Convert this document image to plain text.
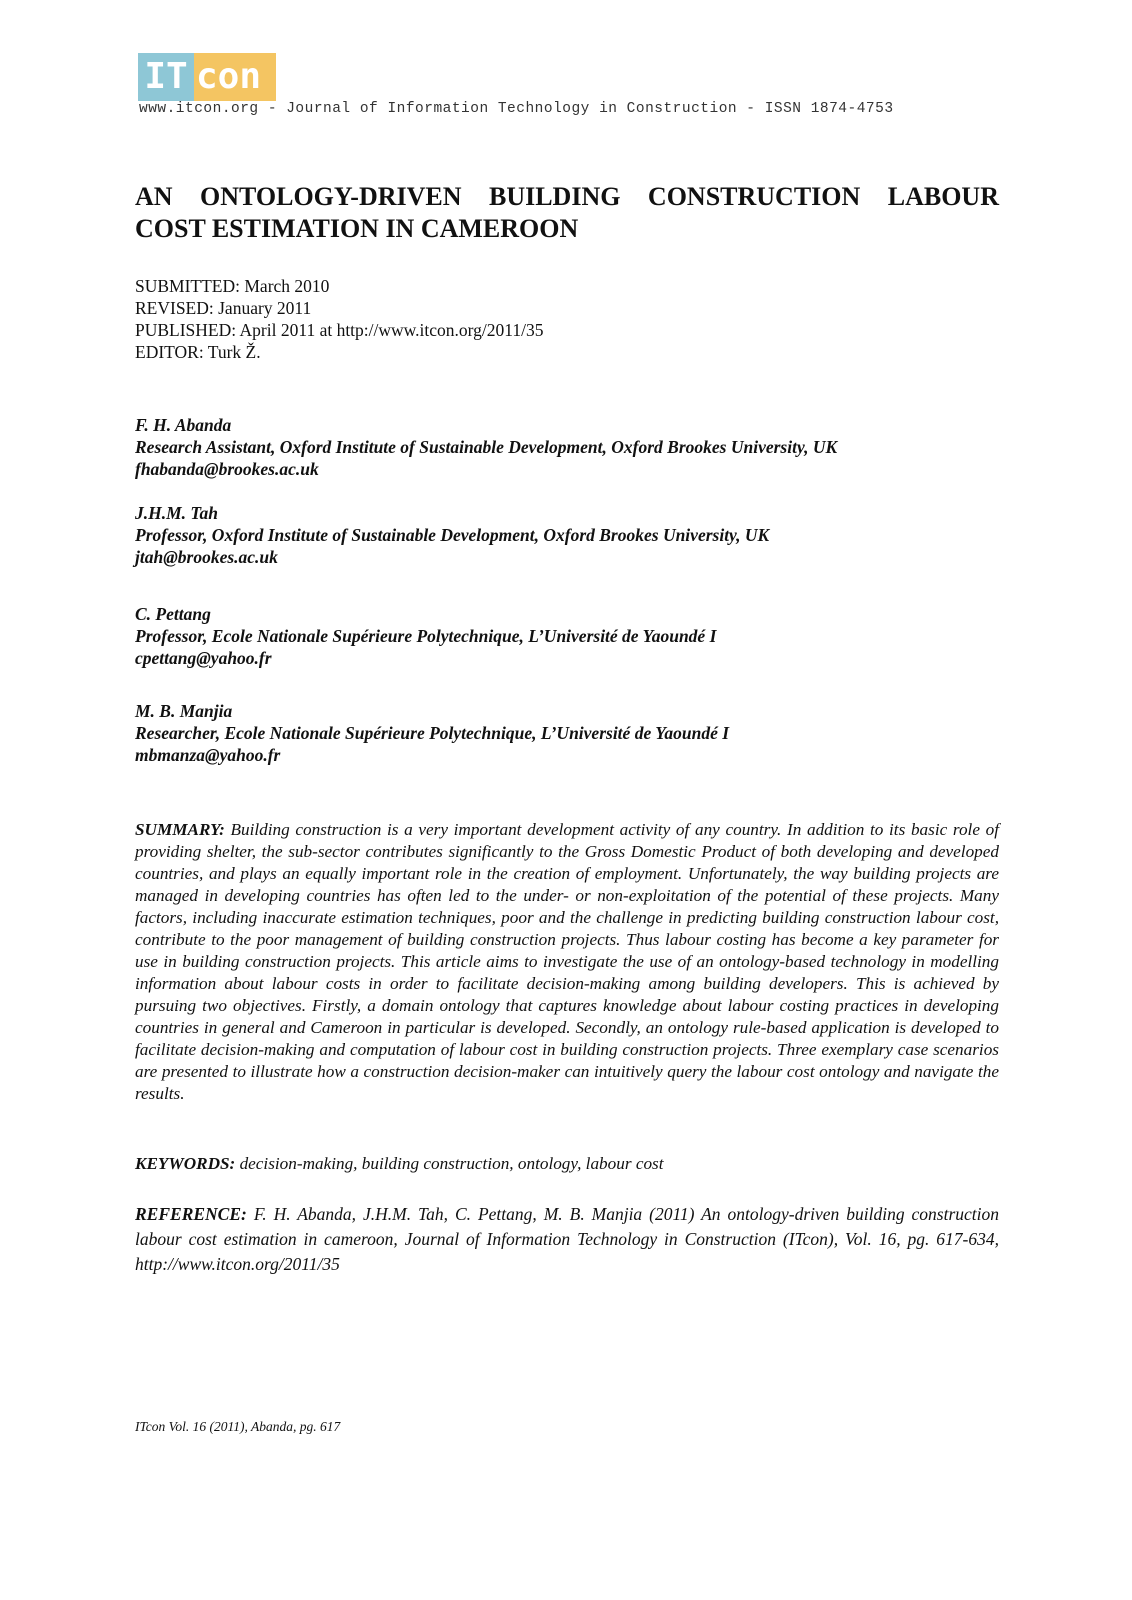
IT con
www.itcon.org - Journal of Information Technology in Construction - ISSN 1874-4753
AN ONTOLOGY-DRIVEN BUILDING CONSTRUCTION LABOUR
COST ESTIMATION IN CAMEROON
SUBMITTED: March 2010
REVISED: January 2011
PUBLISHED: April 2011 at http://www.itcon.org/2011/35
EDITOR: Turk Ž.
F. H. Abanda
Research Assistant, Oxford Institute of Sustainable Development, Oxford Brookes University, UK
fhabanda@brookes.ac.uk
J.H.M. Tah
Professor, Oxford Institute of Sustainable Development, Oxford Brookes University, UK
jtah@brookes.ac.uk
C. Pettang
Professor, Ecole Nationale Supérieure Polytechnique, L’Université de Yaoundé I
cpettang@yahoo.fr
M. B. Manjia
Researcher, Ecole Nationale Supérieure Polytechnique, L’Université de Yaoundé I
mbmanza@yahoo.fr

SUMMARY: Building construction is a very important development activity of any country. In addition to its basic role of providing shelter, the sub-sector contributes significantly to the Gross Domestic Product of both developing and developed countries, and plays an equally important role in the creation of employment. Unfortunately, the way building projects are managed in developing countries has often led to the under- or non-exploitation of the potential of these projects. Many factors, including inaccurate estimation techniques, poor and the challenge in predicting building construction labour cost, contribute to the poor management of building construction projects. Thus labour costing has become a key parameter for use in building construction projects. This article aims to investigate the use of an ontology-based technology in modelling information about labour costs in order to facilitate decision-making among building developers. This is achieved by pursuing two objectives. Firstly, a domain ontology that captures knowledge about labour costing practices in developing countries in general and Cameroon in particular is developed. Secondly, an ontology rule-based application is developed to facilitate decision-making and computation of labour cost in building construction projects. Three exemplary case scenarios are presented to illustrate how a construction decision-maker can intuitively query the labour cost ontology and navigate the results.

KEYWORDS: decision-making, building construction, ontology, labour cost

REFERENCE: F. H. Abanda, J.H.M. Tah, C. Pettang, M. B. Manjia (2011) An ontology-driven building construction labour cost estimation in cameroon, Journal of Information Technology in Construction (ITcon), Vol. 16, pg. 617-634, http://www.itcon.org/2011/35

ITcon Vol. 16 (2011), Abanda, pg. 617
